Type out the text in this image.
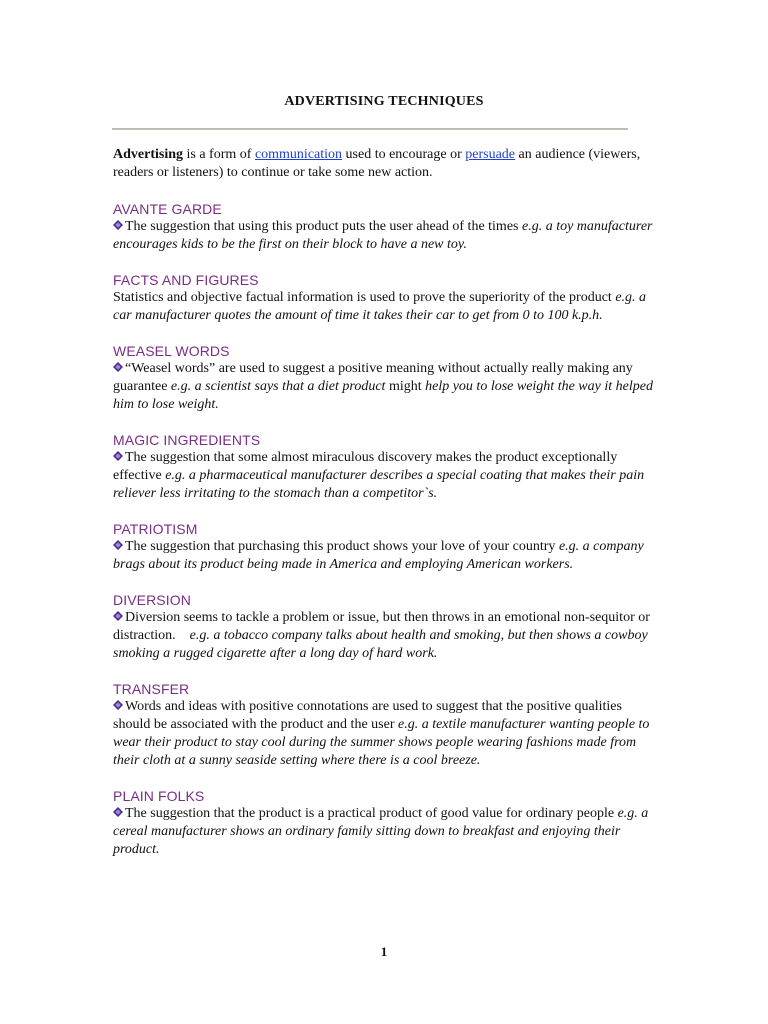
ADVERTISING TECHNIQUES

Advertising is a form of communication used to encourage or persuade an audience (viewers, readers or listeners) to continue or take some new action.

AVANTE GARDE

The suggestion that using this product puts the user ahead of the times e.g. a toy manufacturer encourages kids to be the first on their block to have a new toy.

FACTS AND FIGURES

Statistics and objective factual information is used to prove the superiority of the product e.g. a car manufacturer quotes the amount of time it takes their car to get from 0 to 100 k.p.h.

WEASEL WORDS

“Weasel words” are used to suggest a positive meaning without actually really making any guarantee e.g. a scientist says that a diet product might help you to lose weight the way it helped him to lose weight.

MAGIC INGREDIENTS

The suggestion that some almost miraculous discovery makes the product exceptionally effective e.g. a pharmaceutical manufacturer describes a special coating that makes their pain reliever less irritating to the stomach than a competitor`s.

PATRIOTISM

The suggestion that purchasing this product shows your love of your country e.g. a company brags about its product being made in America and employing American workers.

DIVERSION

Diversion seems to tackle a problem or issue, but then throws in an emotional non-sequitor or distraction.    e.g. a tobacco company talks about health and smoking, but then shows a cowboy smoking a rugged cigarette after a long day of hard work.

TRANSFER

Words and ideas with positive connotations are used to suggest that the positive qualities should be associated with the product and the user e.g. a textile manufacturer wanting people to wear their product to stay cool during the summer shows people wearing fashions made from their cloth at a sunny seaside setting where there is a cool breeze.

PLAIN FOLKS

The suggestion that the product is a practical product of good value for ordinary people e.g. a cereal manufacturer shows an ordinary family sitting down to breakfast and enjoying their product.

1
